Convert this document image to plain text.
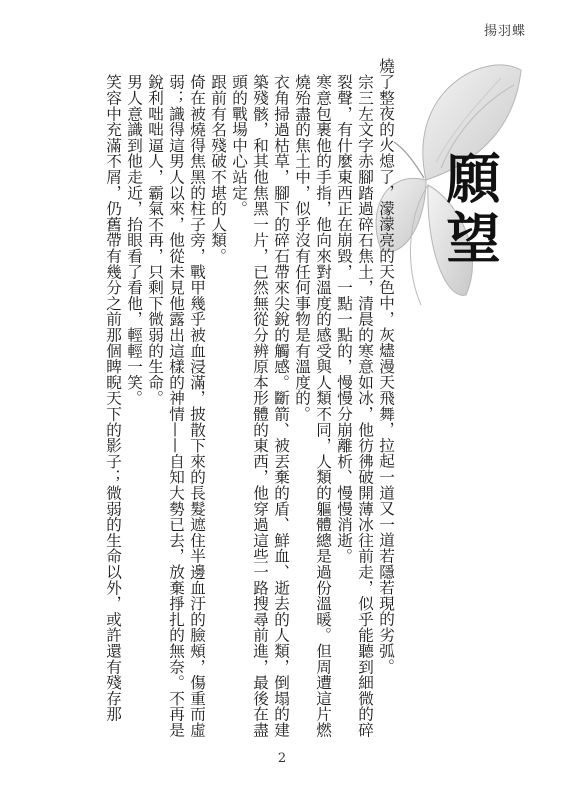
揚羽蝶
願望

燒了整夜的火熄了，濛濛亮的天色中，灰燼漫天飛舞，拉起一道又一道若隱若現的劣弧。

宗三左文字赤腳踏過碎石焦土，清晨的寒意如冰，他彷彿破開薄冰往前走，似乎能聽到細微的碎裂聲，有什麼東西正在崩毀，一點一點的，慢慢分崩離析、慢慢消逝。

寒意包裹他的手指，他向來對溫度的感受與人類不同，人類的軀體總是過份溫暖。但周遭這片燃燒殆盡的焦土中，似乎沒有任何事物是有溫度的。

衣角掃過枯草，腳下的碎石帶來尖銳的觸感。斷箭、被丟棄的盾、鮮血、逝去的人類，倒塌的建築殘骸，和其他焦黑一片，已然無從分辨原本形體的東西，他穿過這些一路搜尋前進，最後在盡頭的戰場中心站定。

跟前有名殘破不堪的人類。

倚在被燒得焦黑的柱子旁，戰甲幾乎被血浸滿，披散下來的長髮遮住半邊血汙的臉頰，傷重而虛弱；識得這男人以來，他從未見他露出這樣的神情——自知大勢已去，放棄掙扎的無奈。不再是銳利咄咄逼人，霸氣不再，只剩下微弱的生命。

男人意識到他走近，抬眼看了看他，輕輕一笑。

笑容中充滿不屑，仍舊帶有幾分之前那個睥睨天下的影子；微弱的生命以外，或許還有殘存那

2
